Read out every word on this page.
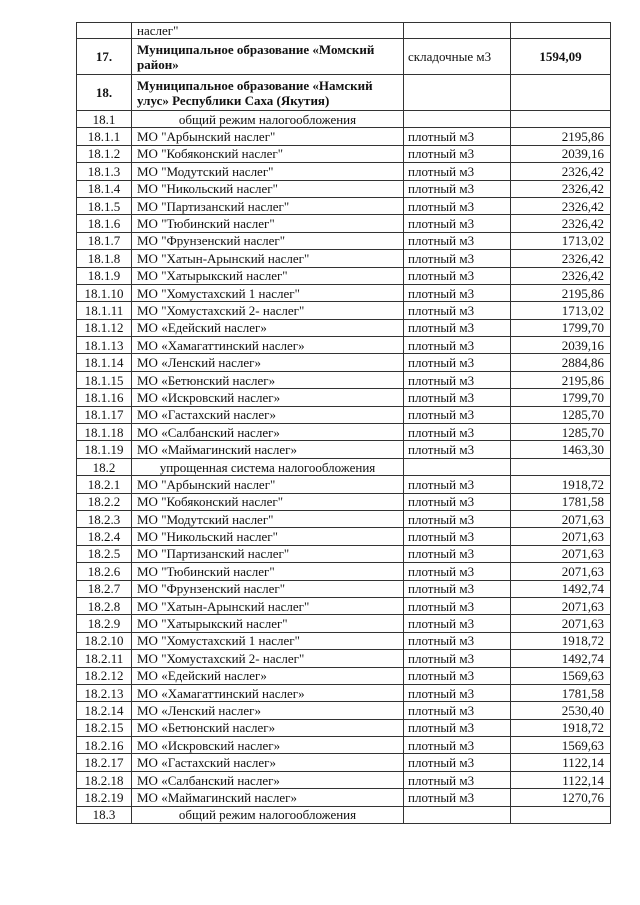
	наслег"		
17.	Муниципальное образование «Момский район»	складочные м3	1594,09
18.	Муниципальное образование «Намский улус» Республики Саха (Якутия)		
18.1	общий режим налогообложения		
18.1.1	МО "Арбынский наслег"	плотный м3	2195,86
18.1.2	МО "Кобяконский наслег"	плотный м3	2039,16
18.1.3	МО "Модутский наслег"	плотный м3	2326,42
18.1.4	МО "Никольский наслег"	плотный м3	2326,42
18.1.5	МО "Партизанский наслег"	плотный м3	2326,42
18.1.6	МО "Тюбинский наслег"	плотный м3	2326,42
18.1.7	МО "Фрунзенский наслег"	плотный м3	1713,02
18.1.8	МО "Хатын-Арынский наслег"	плотный м3	2326,42
18.1.9	МО "Хатырыкский наслег"	плотный м3	2326,42
18.1.10	МО "Хомустахский 1 наслег"	плотный м3	2195,86
18.1.11	МО "Хомустахский 2- наслег"	плотный м3	1713,02
18.1.12	МО «Едейский наслег»	плотный м3	1799,70
18.1.13	МО «Хамагаттинский наслег»	плотный м3	2039,16
18.1.14	МО «Ленский наслег»	плотный м3	2884,86
18.1.15	МО «Бетюнский наслег»	плотный м3	2195,86
18.1.16	МО «Искровский наслег»	плотный м3	1799,70
18.1.17	МО «Гастахский наслег»	плотный м3	1285,70
18.1.18	МО «Салбанский наслег»	плотный м3	1285,70
18.1.19	МО «Маймагинский наслег»	плотный м3	1463,30
18.2	упрощенная система налогообложения		
18.2.1	МО "Арбынский наслег"	плотный м3	1918,72
18.2.2	МО "Кобяконский наслег"	плотный м3	1781,58
18.2.3	МО "Модутский наслег"	плотный м3	2071,63
18.2.4	МО "Никольский наслег"	плотный м3	2071,63
18.2.5	МО "Партизанский наслег"	плотный м3	2071,63
18.2.6	МО "Тюбинский наслег"	плотный м3	2071,63
18.2.7	МО "Фрунзенский наслег"	плотный м3	1492,74
18.2.8	МО "Хатын-Арынский наслег"	плотный м3	2071,63
18.2.9	МО "Хатырыкский наслег"	плотный м3	2071,63
18.2.10	МО "Хомустахский 1 наслег"	плотный м3	1918,72
18.2.11	МО "Хомустахский 2- наслег"	плотный м3	1492,74
18.2.12	МО «Едейский наслег»	плотный м3	1569,63
18.2.13	МО «Хамагаттинский наслег»	плотный м3	1781,58
18.2.14	МО «Ленский наслег»	плотный м3	2530,40
18.2.15	МО «Бетюнский наслег»	плотный м3	1918,72
18.2.16	МО «Искровский наслег»	плотный м3	1569,63
18.2.17	МО «Гастахский наслег»	плотный м3	1122,14
18.2.18	МО «Салбанский наслег»	плотный м3	1122,14
18.2.19	МО «Маймагинский наслег»	плотный м3	1270,76
18.3	общий режим налогообложения		
